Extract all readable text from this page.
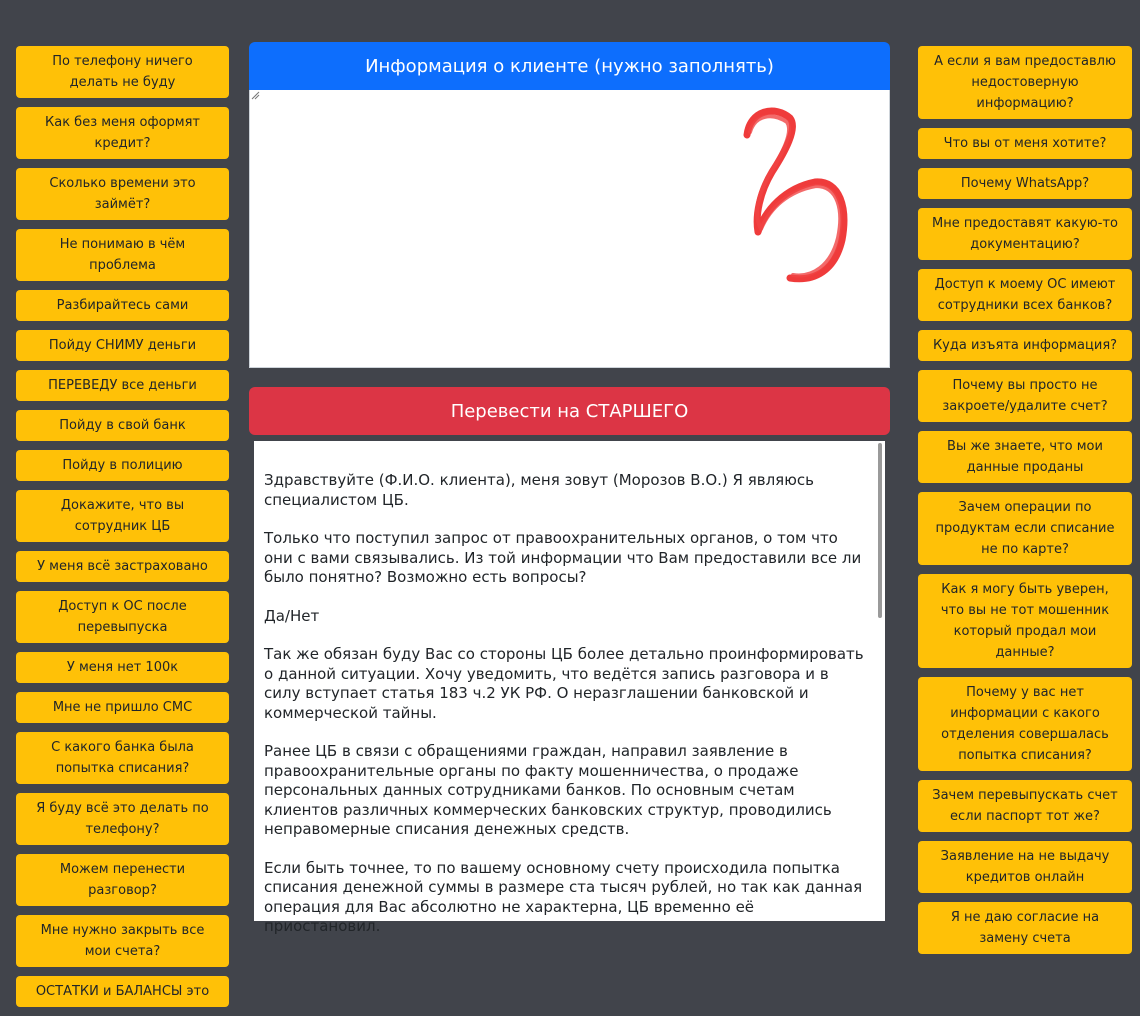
По телефону ничего делать не буду
Как без меня оформят кредит?
Сколько времени это займёт?
Не понимаю в чём проблема
Разбирайтесь сами
Пойду СНИМУ деньги
ПЕРЕВЕДУ все деньги
Пойду в свой банк
Пойду в полицию
Докажите, что вы сотрудник ЦБ
У меня всё застраховано
Доступ к ОС после перевыпуска
У меня нет 100к
Мне не пришло СМС
С какого банка была попытка списания?
Я буду всё это делать по телефону?
Можем перенести разговор?
Мне нужно закрыть все мои счета?
ОСТАТКИ и БАЛАНСЫ это
Информация о клиенте (нужно заполнять)
Перевести на СТАРШЕГО

Здравствуйте (Ф.И.О. клиента), меня зовут (Морозов В.О.) Я являюсь специалистом ЦБ.

Только что поступил запрос от правоохранительных органов, о том что они с вами связывались. Из той информации что Вам предоставили все ли было понятно? Возможно есть вопросы?

Да/Нет

Так же обязан буду Вас со стороны ЦБ более детально проинформировать о данной ситуации. Хочу уведомить, что ведётся запись разговора и в силу вступает статья 183 ч.2 УК РФ. О неразглашении банковской и коммерческой тайны.

Ранее ЦБ в связи с обращениями граждан, направил заявление в правоохранительные органы по факту мошенничества, о продаже персональных данных сотрудниками банков. По основным счетам клиентов различных коммерческих банковских структур, проводились неправомерные списания денежных средств.

Если быть точнее, то по вашему основному счету происходила попытка списания денежной суммы в размере ста тысяч рублей, но так как данная операция для Вас абсолютно не характерна, ЦБ временно её приостановил.

А если я вам предоставлю недостоверную информацию?
Что вы от меня хотите?
Почему WhatsApp?
Мне предоставят какую-то документацию?
Доступ к моему ОС имеют сотрудники всех банков?
Куда изъята информация?
Почему вы просто не закроете/удалите счет?
Вы же знаете, что мои данные проданы
Зачем операции по продуктам если списание не по карте?
Как я могу быть уверен, что вы не тот мошенник который продал мои данные?
Почему у вас нет информации с какого отделения совершалась попытка списания?
Зачем перевыпускать счет если паспорт тот же?
Заявление на не выдачу кредитов онлайн
Я не даю согласие на замену счета
